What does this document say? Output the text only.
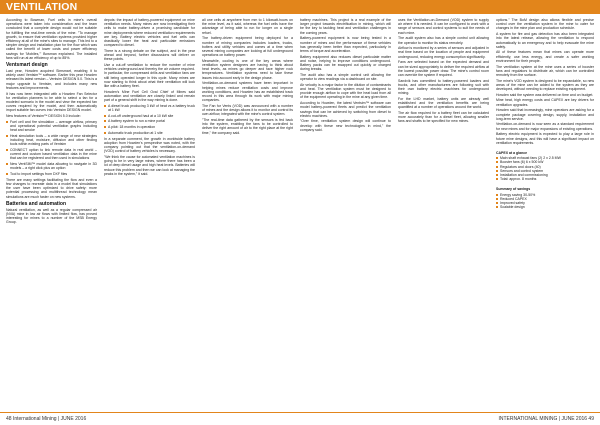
VENTILATION

According to Bowman, Fuel cells in mine's overall operations were taken into consideration and the team concluded that a complete design would not be suitable for fulfilling the real-time needs of the mine. "To manage growth, to ensure that ventilation systems provided higher efficiency at all of the mine's sites to manage. This led to a simpler design and installation plan for the flow which was called the benefit of lower costs and power efficiency savings for 'Mobiles,'" Bowman explained. The installed fans will run at an efficiency of up to 85%.

Ventsmart design

Last year, Howden acquired Simsmart, enabling it to widely used Ventsim™ software. Earlier this year Howden released its latest version – Ventsim DESIGN 5.0. This is a major upgrade to Ventsim, and includes many new features and improvements.

It has now been integrated with a Howden Fan Selector for ventilation planners to be able to select a fan for a modeled scenario in the model and view the expected fan curves required by the model, and then automatically import suitable fan curves into Ventsim DESIGN model.

New features of Ventsim™ DESIGN 5.0 include:

Fuel cell and fire simulation – average airflow, primary and operational potential ventilation graphs including heat and smoke

Heat simulation tools – a wide range of new strategies including heat, moisture, diffusion and other finding tools within existing parts of Ventsim

CONNECT option to link remote data in real world – current and custom based ventilation data in the mine that can be registered and then used in simulations

New VentSIM™ model data allowing to navigate in 3D models – a right click plus an option

Tool to import settings from DXF files

There are many settings facilitating the flow and even a few changes to recreate data in a model that simulations the user have been optimized to drive safety: more potential processing and multithread technology mean simulations are much faster on new systems.

Batteries and automation

Natural ventilation, as well as a regular compressed air (NVA) mine in low air flows with limited flow, has proved interesting for mines to a number of the MSB Energy Group.

depots: the impact of battery-powered equipment on mine ventilation needs. Many mines are now investigating their cells to make battery-driven a promising candidate for mine deployments where reduced ventilation requirements are key. Battery electric vehicles and fuel cells can drastically lower the heat and particulate emissions compared to diesel.

There is a strong debate on the subject, and in the year ahead and beyond, further discussions will deliver on these points.

Use a cut-off ventilation to reduce the number of mine vehicles underground and thereby the air volume required. In particular, the compressed drills and ventilation fans are still being operated longer in this cycle. Many mines are now starting to think about what their ventilation will look like with a battery fleet.

Howden's Mine Fuel Cell Oval Chief of Mines said automation and ventilation are closely linked and remain part of a general shift in the way mining is done.

A diesel truck producing 3 kW of heat vs a battery truck at 1 kW

A cut-off underground haul at a 10 kW site

A battery system to run a mine portal

A pilot: 18 months in operation

Automatic truck production at 1 site

In a separate comment, the growth in worldwide battery adoption from Howden's perspective was noted, with the company pointing out that the ventilation-on-demand (VOD) control of battery vehicles is necessary.

"We think the cause for automated ventilation machines is going to be in very large mines, where there has been a lot of deep diesel usage and high heat levels. Batteries will reduce this problem and then we can look at managing the peaks in the system," it said.

all one cells at anywhere from mm to 1 kilowatt-hours on the mine level, as it said, whereas the fuel cells have the advantage of being able to run for longer on a single refuel.

The battery-driven equipment being deployed for a number of mining companies includes loaders, trucks, bolters and utility vehicles and comes at a time when several mining companies are looking at full underground operations on battery power.

Meanwhile, cooling is one of the key areas where ventilation system designers are having to think about heat levels, as mines go deeper and face higher rock temperatures. Ventilation systems need to take these issues into account early in the design phase.

Ventilation-on-demand systems have been important in helping mines reduce ventilation costs and improve working conditions, and Howden has an established track record in this area through its work with major mining companies.

The Fan for Vents (VOD) was announced with a number of mines and the design allows it to monitor and control its own airflow, integrated with the mine's control system.

"The real-time data gathered by the sensors is fed back into the system, enabling the fans to be controlled to deliver the right amount of air to the right place at the right time," the company said.

battery machines. This project is a real example of the larger project towards electrification in mining, which will be the key to tackling heat and ventilation challenges in the coming years.

Battery-powered equipment is now being tested in a number of mines and the performance of these vehicles has generally been better than expected, particularly in terms of torque and acceleration.

Battery equipment also reduces diesel particulate matter and noise, helping to improve conditions underground. Battery packs can be swapped out quickly or charged during breaks.

The audit also has a simple control unit allowing the operator to view readings via a dashboard on site.

Air velocity is a major factor in the dilution of contaminants and heat. The ventilation system must be designed to provide enough airflow to cope with the heat load from all of the equipment operating in the mine at any given time.

According to Howden, the latest Ventsim™ software can model battery-powered fleets and predict the ventilation savings that can be achieved by switching from diesel to electric machines.

"Over time, ventilation system design will continue to develop with these new technologies in mind," the company said.

uses the Ventilation-on-Demand (VOD) system to supply air where it is needed. It can be configured to work with a range of sensors and control systems to suit the needs of each mine.

The audit system also has a simple control unit allowing the operator to monitor its status remotely.

Airflow is monitored by a series of sensors and adjusted in real time based on the location of people and equipment underground, reducing energy consumption significantly.

Fans are selected based on the expected demand and can be sized appropriately to deliver the required airflow at the lowest possible power draw. The mine's control room can override the system if required.

Sandvik has committed to battery-powered loaders and trucks, and other manufacturers are following suit with their own battery electric machines for underground mining.

For the LHD market, battery units are already well established and the ventilation benefits are being quantified at a number of operations around the world.

The air flow required for a battery fleet can be calculated more accurately than for a diesel fleet, allowing smaller fans and shafts to be specified for new mines.

options." The BoM design also allows flexible and precise control over the ventilation system in the mine to cater for changes in the mine plan and production schedule.

A system for fire and gas detection has also been integrated into the latest release, allowing the ventilation to respond automatically to an emergency and to help evacuate the mine safely.

All of these features mean that mines can operate more efficiently, use less energy, and create a safer working environment for their people.

The ventilation system at the mine uses a series of booster fans and regulators to distribute air, which can be controlled remotely from the surface.

The mine's VOD system is designed to be expandable, so new areas of the mine can be added to the system as they are developed, without needing to replace existing equipment.

Howden said the system was delivered on time and on budget.

Mine heat, high energy costs and CAPEX are key drivers for ventilation upgrades.

Howden said that increasingly, mine operators are asking for a complete package covering design, supply, installation and long-term service.

Ventilation-on-demand is now seen as a standard requirement for new mines and for major expansions of existing operations.

Battery electric equipment is expected to play a large role in future mine designs, and this will have a significant impact on ventilation requirements.

CAPEX at a glance
Main shaft exhaust fans (2) 2 x 2.5 MW
Booster fans (6) 6 x 500 kW
Regulators and doors (40)
Sensors and control system
Installation and commissioning
Total: approx. 8 months
Summary of savings
Energy saving 30-50%
Reduced CAPEX
Improved safety
Scalable design
48 International Mining | JUNE 2016	INTERNATIONAL MINING | JUNE 2016 49
